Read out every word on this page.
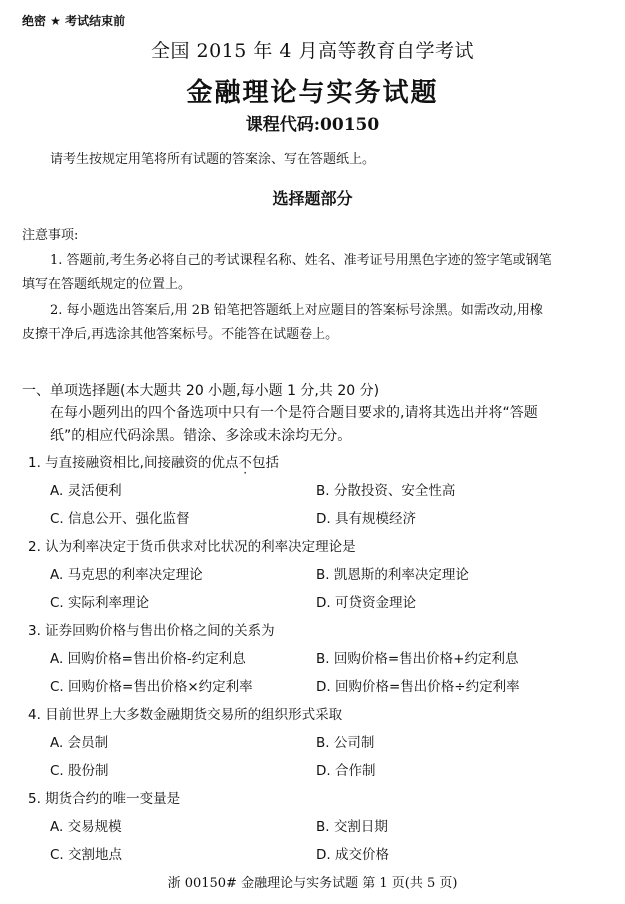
绝密 ★ 考试结束前
全国 2015 年 4 月高等教育自学考试
金融理论与实务试题
课程代码:00150
请考生按规定用笔将所有试题的答案涂、写在答题纸上。
选择题部分
注意事项:
1. 答题前,考生务必将自己的考试课程名称、姓名、准考证号用黑色字迹的签字笔或钢笔
填写在答题纸规定的位置上。
2. 每小题选出答案后,用 2B 铅笔把答题纸上对应题目的答案标号涂黑。如需改动,用橡
皮擦干净后,再选涂其他答案标号。不能答在试题卷上。
一、单项选择题(本大题共 20 小题,每小题 1 分,共 20 分)
在每小题列出的四个备选项中只有一个是符合题目要求的,请将其选出并将“答题
纸”的相应代码涂黑。错涂、多涂或未涂均无分。
1. 与直接融资相比,间接融资的优点不包括
A. 灵活便利	B. 分散投资、安全性高
C. 信息公开、强化监督	D. 具有规模经济
2. 认为利率决定于货币供求对比状况的利率决定理论是
A. 马克思的利率决定理论	B. 凯恩斯的利率决定理论
C. 实际利率理论	D. 可贷资金理论
3. 证券回购价格与售出价格之间的关系为
A. 回购价格=售出价格-约定利息	B. 回购价格=售出价格+约定利息
C. 回购价格=售出价格×约定利率	D. 回购价格=售出价格÷约定利率
4. 目前世界上大多数金融期货交易所的组织形式采取
A. 会员制	B. 公司制
C. 股份制	D. 合作制
5. 期货合约的唯一变量是
A. 交易规模	B. 交割日期
C. 交割地点	D. 成交价格
浙 00150# 金融理论与实务试题 第 1 页(共 5 页)
